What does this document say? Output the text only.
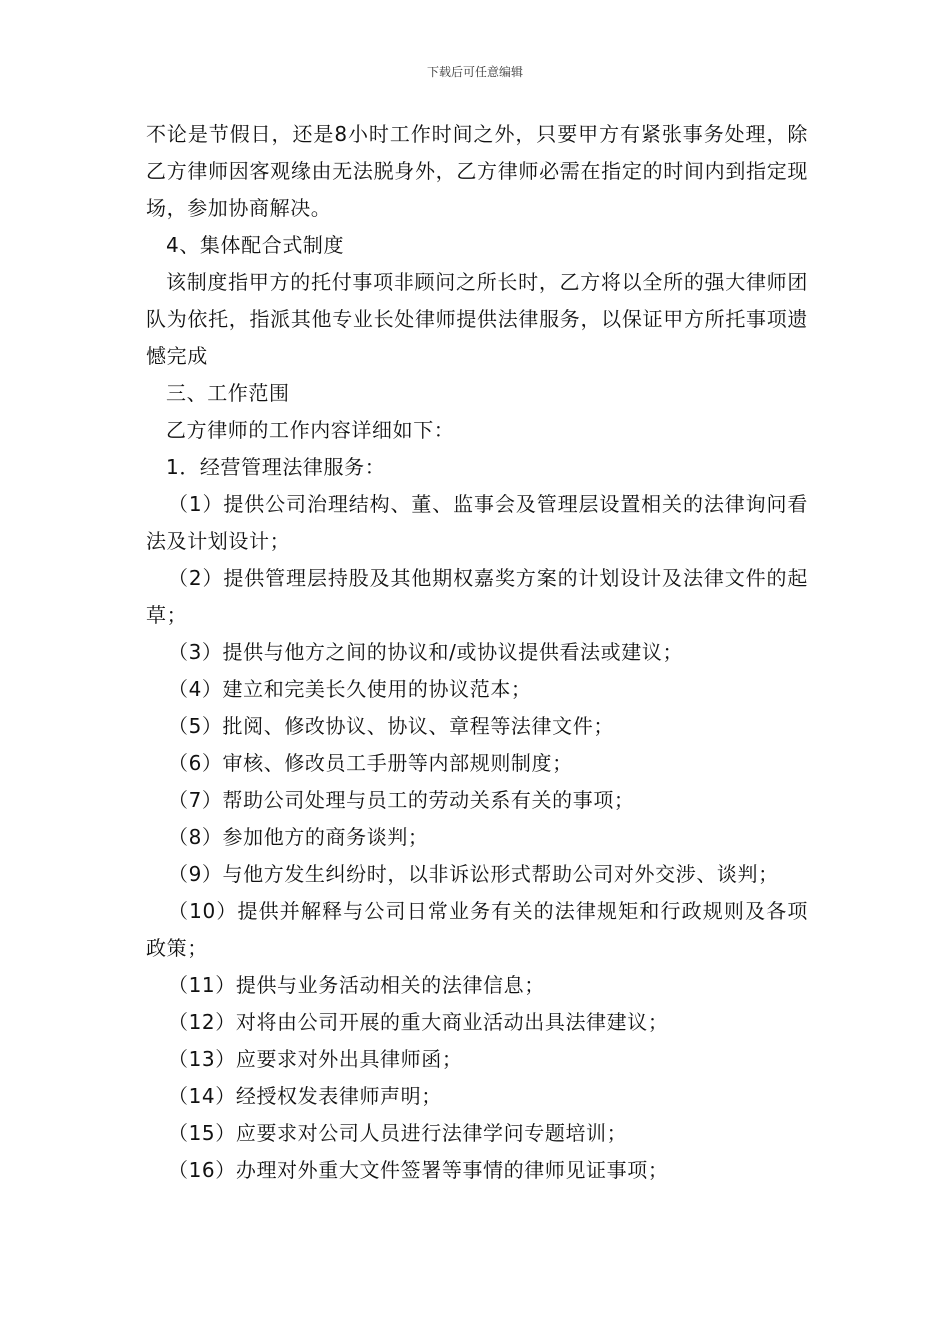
下载后可任意编辑

不论是节假日，还是8小时工作时间之外，只要甲方有紧张事务处理，除乙方律师因客观缘由无法脱身外，乙方律师必需在指定的时间内到指定现场，参加协商解决。

4、集体配合式制度

该制度指甲方的托付事项非顾问之所长时，乙方将以全所的强大律师团队为依托，指派其他专业长处律师提供法律服务，以保证甲方所托事项遗憾完成

三、工作范围

乙方律师的工作内容详细如下：

1．经营管理法律服务：

（1）提供公司治理结构、董、监事会及管理层设置相关的法律询问看法及计划设计；

（2）提供管理层持股及其他期权嘉奖方案的计划设计及法律文件的起草；

（3）提供与他方之间的协议和/或协议提供看法或建议；

（4）建立和完美长久使用的协议范本；

（5）批阅、修改协议、协议、章程等法律文件；

（6）审核、修改员工手册等内部规则制度；

（7）帮助公司处理与员工的劳动关系有关的事项；

（8）参加他方的商务谈判；

（9）与他方发生纠纷时，以非诉讼形式帮助公司对外交涉、谈判；

（10）提供并解释与公司日常业务有关的法律规矩和行政规则及各项政策；

（11）提供与业务活动相关的法律信息；

（12）对将由公司开展的重大商业活动出具法律建议；

（13）应要求对外出具律师函；

（14）经授权发表律师声明；

（15）应要求对公司人员进行法律学问专题培训；

（16）办理对外重大文件签署等事情的律师见证事项；
